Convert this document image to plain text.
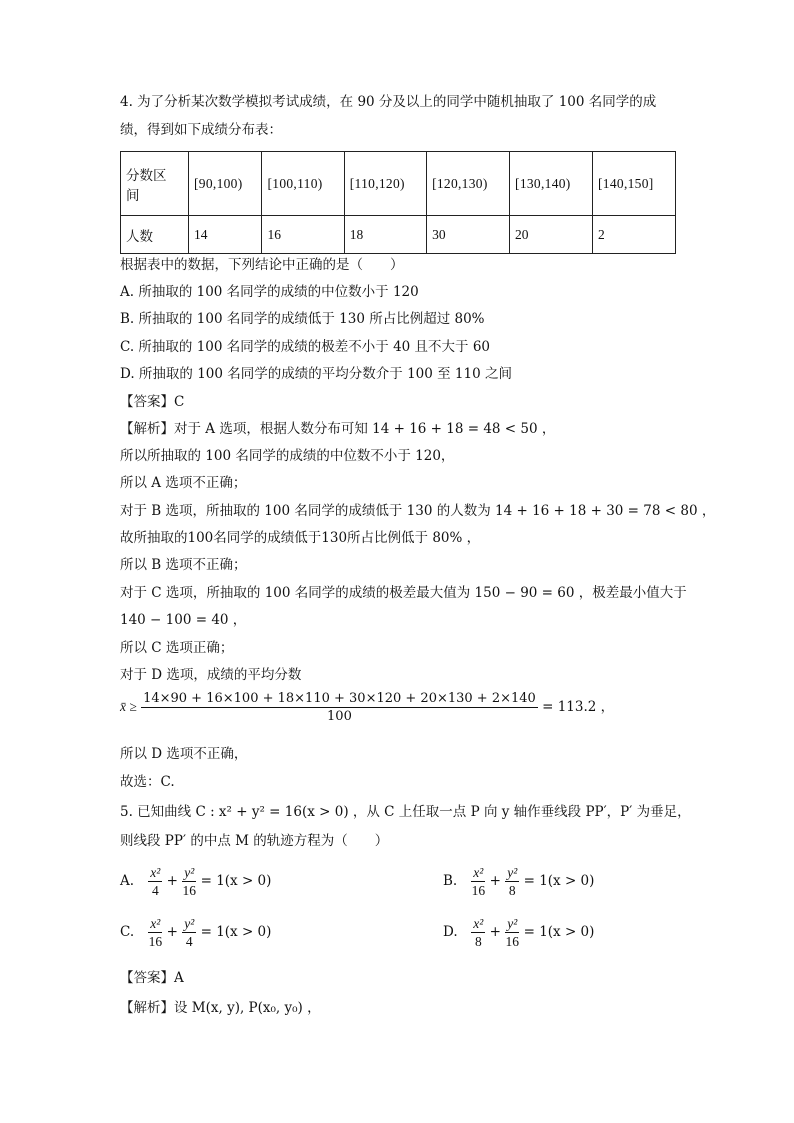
4. 为了分析某次数学模拟考试成绩，在 90 分及以上的同学中随机抽取了 100 名同学的成
绩，得到如下成绩分布表：
分数区
间	[90,100)	[100,110)	[110,120)	[120,130)	[130,140)	[140,150]
人数	14	16	18	30	20	2
根据表中的数据，下列结论中正确的是（　　）
A. 所抽取的 100 名同学的成绩的中位数小于 120
B. 所抽取的 100 名同学的成绩低于 130 所占比例超过 80%
C. 所抽取的 100 名同学的成绩的极差不小于 40 且不大于 60
D. 所抽取的 100 名同学的成绩的平均分数介于 100 至 110 之间
【答案】C
【解析】对于 A 选项，根据人数分布可知 14 + 16 + 18 = 48 < 50 ，
所以所抽取的 100 名同学的成绩的中位数不小于 120，
所以 A 选项不正确；
对于 B 选项，所抽取的 100 名同学的成绩低于 130 的人数为 14 + 16 + 18 + 30 = 78 < 80 ，
故所抽取的100名同学的成绩低于130所占比例低于 80% ，
所以 B 选项不正确；
对于 C 选项，所抽取的 100 名同学的成绩的极差最大值为 150 − 90 = 60 ，极差最小值大于
140 − 100 = 40 ，
所以 C 选项正确；
对于 D 选项，成绩的平均分数
x̄ ≥ $\frac{14\times 90 + 16\times 100 + 18\times 110 + 30\times 120 + 20\times 130 + 2\times 140}{100} = 113.2$ ，
所以 D 选项不正确，
故选：C.
5. 已知曲线 C : x² + y² = 16(x > 0) ，从 C 上任取一点 P 向 y 轴作垂线段 PP′，P′ 为垂足，
则线段 PP′ 的中点 M 的轨迹方程为（　　）
A. $\frac{\text{x²}}{4} + \frac{\text{y²}}{16} = 1(x > 0)$	B. $\frac{\text{x²}}{16} + \frac{\text{y²}}{8} = 1(x > 0)$
C. $\frac{\text{x²}}{16} + \frac{\text{y²}}{4} = 1(x > 0)$	D. $\frac{\text{x²}}{8} + \frac{\text{y²}}{16} = 1(x > 0)$
【答案】A
【解析】设 M(x, y), P(x₀, y₀) ，
